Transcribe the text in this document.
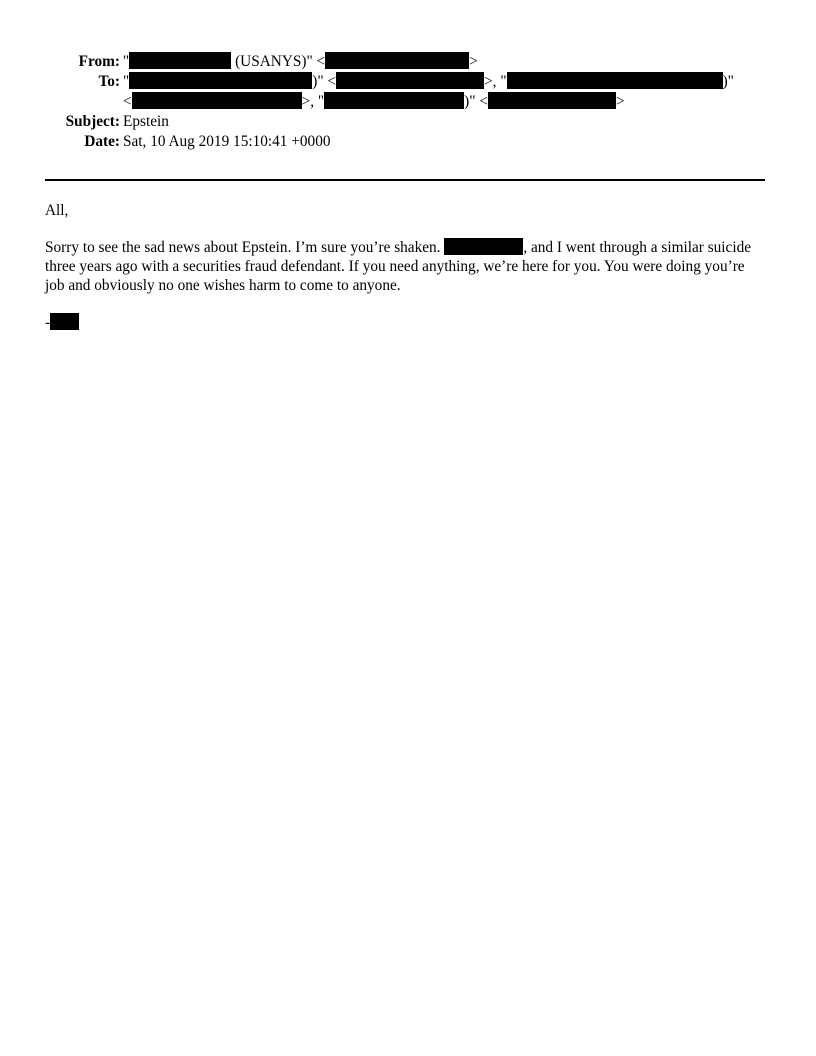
From: "	(USANYS)" <	>
To: "	)" <	>, "	)"
<	>, "	)" <	>
Subject: Epstein
Date: Sat, 10 Aug 2019 15:10:41 +0000

All,

Sorry to see the sad news about Epstein. I’m sure you’re shaken.	, and I went through a similar suicide three years ago with a securities fraud defendant. If you need anything, we’re here for you. You were doing you’re job and obviously no one wishes harm to come to anyone.

-
